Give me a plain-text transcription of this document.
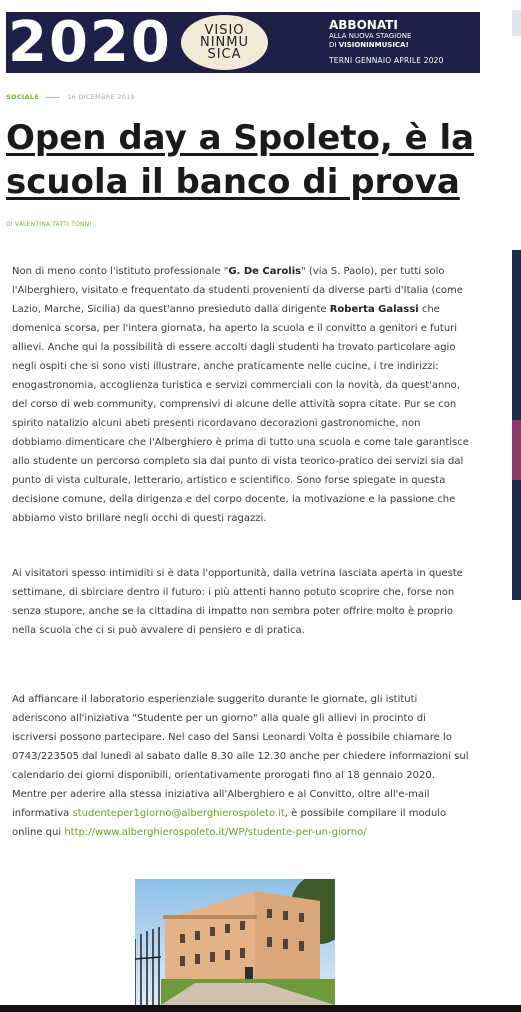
2020	VISIO
NINMU
SICA
ABBONATI
ALLA NUOVA STAGIONE
DI VISIONINMUSICA!
TERNI GENNAIO APRILE 2020
SOCIALE	16 DICEMBRE 2019
Open day a Spoleto, è la scuola il banco di prova
DI VALENTINA TATTI TONNI

Non di meno conto l'istituto professionale "G. De Carolis" (via S. Paolo), per tutti solo l'Alberghiero, visitato e frequentato da studenti provenienti da diverse parti d'Italia (come Lazio, Marche, Sicilia) da quest'anno presieduto dalla dirigente Roberta Galassi che domenica scorsa, per l'intera giornata, ha aperto la scuola e il convitto a genitori e futuri allievi. Anche qui la possibilità di essere accolti dagli studenti ha trovato particolare agio negli ospiti che si sono visti illustrare, anche praticamente nelle cucine, i tre indirizzi: enogastronomia, accoglienza turistica e servizi commerciali con la novità, da quest'anno, del corso di web community, comprensivi di alcune delle attività sopra citate. Pur se con spirito natalizio alcuni abeti presenti ricordavano decorazioni gastronomiche, non dobbiamo dimenticare che l'Alberghiero è prima di tutto una scuola e come tale garantisce allo studente un percorso completo sia dal punto di vista teorico-pratico dei servizi sia dal punto di vista culturale, letterario, artistico e scientifico. Sono forse spiegate in questa decisione comune, della dirigenza e del corpo docente, la motivazione e la passione che abbiamo visto brillare negli occhi di questi ragazzi.

Ai visitatori spesso intimiditi si è data l'opportunità, dalla vetrina lasciata aperta in queste settimane, di sbirciare dentro il futuro: i più attenti hanno potuto scoprire che, forse non senza stupore, anche se la cittadina di impatto non sembra poter offrire molto è proprio nella scuola che ci si può avvalere di pensiero e di pratica.

Ad affiancare il laboratorio esperienziale suggerito durante le giornate, gli istituti aderiscono all'iniziativa "Studente per un giorno" alla quale gli allievi in procinto di iscriversi possono partecipare. Nel caso del Sansi Leonardi Volta è possibile chiamare lo 0743/223505 dal lunedì al sabato dalle 8.30 alle 12.30 anche per chiedere informazioni sul calendario dei giorni disponibili, orientativamente prorogati fino al 18 gennaio 2020. Mentre per aderire alla stessa iniziativa all'Alberghiero e al Convitto, oltre all'e-mail informativa studenteper1giorno@alberghierospoleto.it, è possibile compilare il modulo online qui http://www.alberghierospoleto.it/WP/studente-per-un-giorno/
